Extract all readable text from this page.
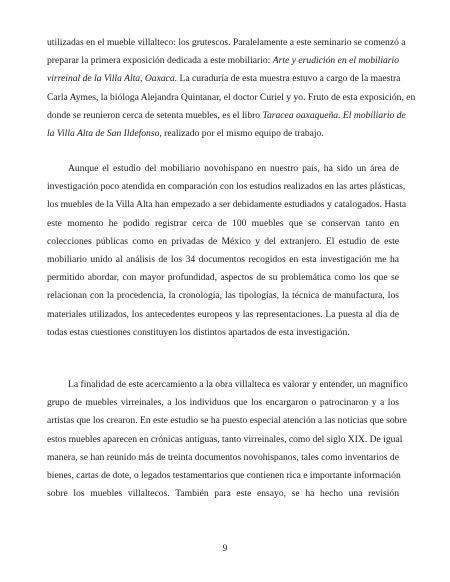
utilizadas en el mueble villalteco: los grutescos. Paralelamente a este seminario se comenzó a
preparar la primera exposición dedicada a este mobiliario: Arte y erudición en el mobiliario
virreinal de la Villa Alta, Oaxaca. La curaduría de esta muestra estuvo a cargo de la maestra
Carla Aymes, la bióloga Alejandra Quintanar, el doctor Curiel y yo. Fruto de esta exposición, en
donde se reunieron cerca de setenta muebles, es el libro Taracea oaxaqueña. El mobiliario de
la Villa Alta de San Ildefonso, realizado por el mismo equipo de trabajo.
Aunque el estudio del mobiliario novohispano en nuestro país, ha sido un área de
investigación poco atendida en comparación con los estudios realizados en las artes plásticas,
los muebles de la Villa Alta han empezado a ser debidamente estudiados y catalogados. Hasta
este momento he podido registrar cerca de 100 muebles que se conservan tanto en
colecciones públicas como en privadas de México y del extranjero. El estudio de este
mobiliario unido al análisis de los 34 documentos recogidos en esta investigación me ha
permitido abordar, con mayor profundidad, aspectos de su problemática como los que se
relacionan con la procedencia, la cronología, las tipologías, la técnica de manufactura, los
materiales utilizados, los antecedentes europeos y las representaciones. La puesta al día de
todas estas cuestiones constituyen los distintos apartados de esta investigación.
La finalidad de este acercamiento a la obra villalteca es valorar y entender, un magnífico
grupo de muebles virreinales, a los individuos que los encargaron o patrocinaron y a los
artistas que los crearon. En este estudio se ha puesto especial atención a las noticias que sobre
estos muebles aparecen en crónicas antiguas, tanto virreinales, como del siglo XIX. De igual
manera, se han reunido más de treinta documentos novohispanos, tales como inventarios de
bienes, cartas de dote, o legados testamentarios que contienen rica e importante información
sobre los muebles villaltecos. También para este ensayo, se ha hecho una revisión
9
